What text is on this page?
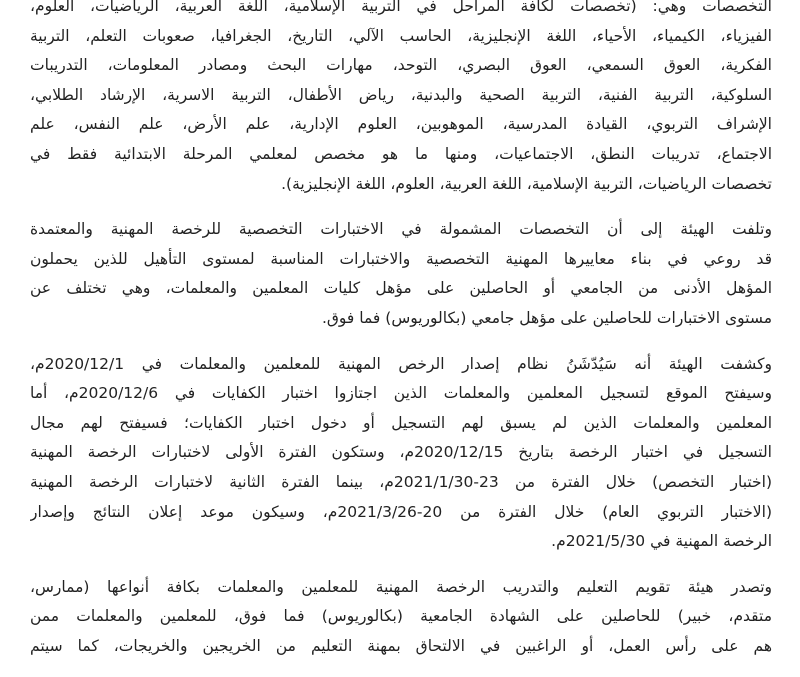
التخصصات وهي: (تخصصات لكافة المراحل في التربية الإسلامية، اللغة العربية، الرياضيات، العلوم،
الفيزياء، الكيمياء، الأحياء، اللغة الإنجليزية، الحاسب الآلي، التاريخ، الجغرافيا، صعوبات التعلم، التربية
الفكرية، العوق السمعي، العوق البصري، التوحد، مهارات البحث ومصادر المعلومات، التدريبات
السلوكية، التربية الفنية، التربية الصحية والبدنية، رياض الأطفال، التربية الاسرية، الإرشاد الطلابي،
الإشراف التربوي، القيادة المدرسية، الموهوبين، العلوم الإدارية، علم الأرض، علم النفس، علم
الاجتماع، تدريبات النطق، الاجتماعيات، ومنها ما هو مخصص لمعلمي المرحلة الابتدائية فقط في
تخصصات الرياضيات، التربية الإسلامية، اللغة العربية، العلوم، اللغة الإنجليزية).

وتلفت الهيئة إلى أن التخصصات المشمولة في الاختبارات التخصصية للرخصة المهنية والمعتمدة
قد روعي في بناء معاييرها المهنية التخصصية والاختبارات المناسبة لمستوى التأهيل للذين يحملون
المؤهل الأدنى من الجامعي أو الحاصلين على مؤهل كليات المعلمين والمعلمات، وهي تختلف عن
مستوى الاختبارات للحاصلين على مؤهل جامعي (بكالوريوس) فما فوق.

وكشفت الهيئة أنه سَيُدّشَنُ نظام إصدار الرخص المهنية للمعلمين والمعلمات في 2020/12/1م،
وسيفتح الموقع لتسجيل المعلمين والمعلمات الذين اجتازوا اختبار الكفايات في 2020/12/6م، أما
المعلمين والمعلمات الذين لم يسبق لهم التسجيل أو دخول اختبار الكفايات؛ فسيفتح لهم مجال
التسجيل في اختبار الرخصة بتاريخ 2020/12/15م، وستكون الفترة الأولى لاختبارات الرخصة المهنية
(اختبار التخصص) خلال الفترة من 23-2021/1/30م، بينما الفترة الثانية لاختبارات الرخصة المهنية
(الاختبار التربوي العام) خلال الفترة من 20-2021/3/26م، وسيكون موعد إعلان النتائج وإصدار
الرخصة المهنية في 2021/5/30م.

وتصدر هيئة تقويم التعليم والتدريب الرخصة المهنية للمعلمين والمعلمات بكافة أنواعها (ممارس،
متقدم، خبير) للحاصلين على الشهادة الجامعية (بكالوريوس) فما فوق، للمعلمين والمعلمات ممن
هم على رأس العمل، أو الراغبين في الالتحاق بمهنة التعليم من الخريجين والخريجات، كما سيتم
